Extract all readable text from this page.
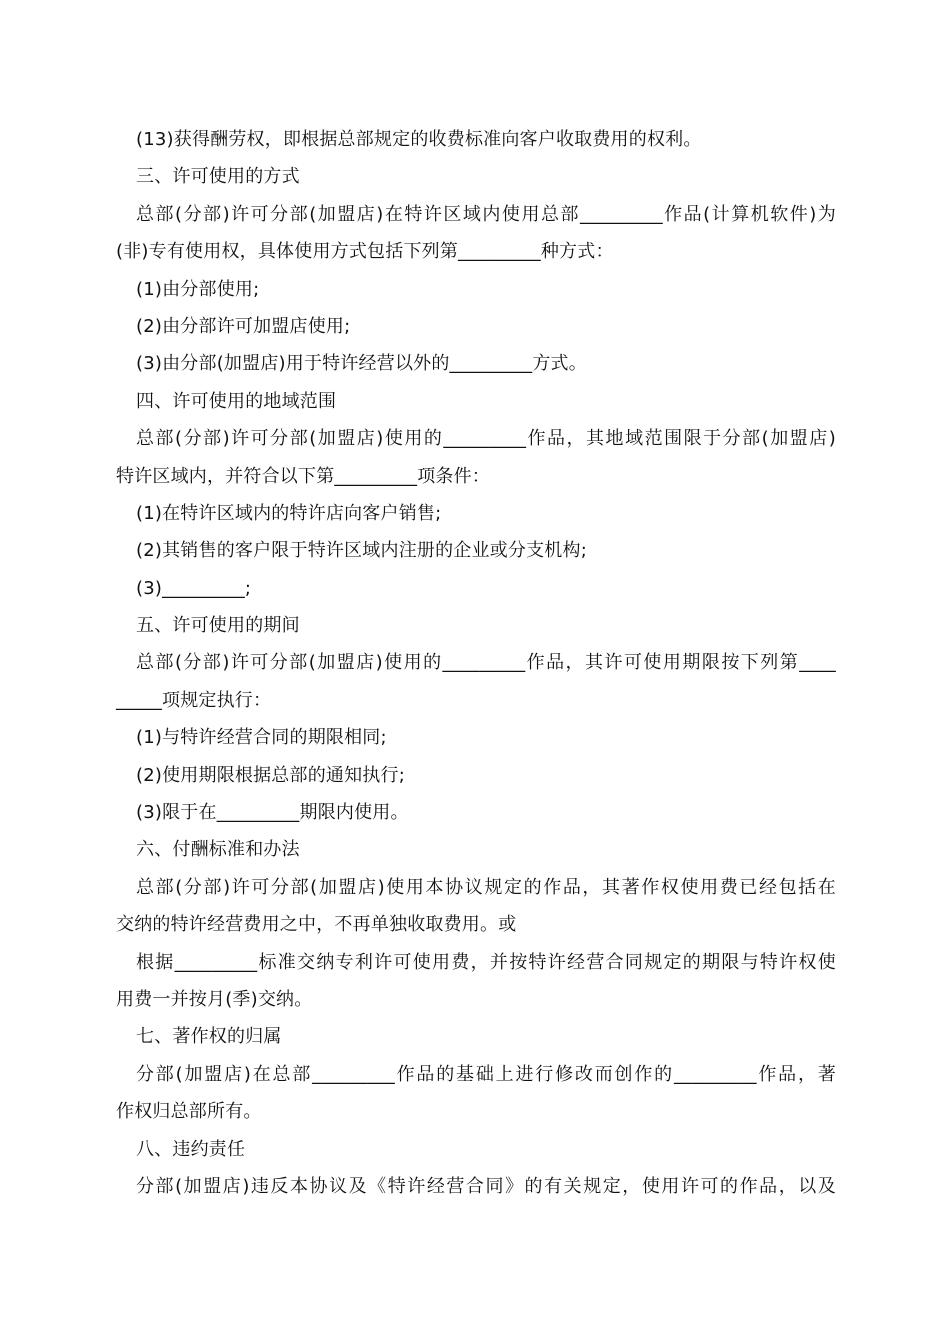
(13)获得酬劳权，即根据总部规定的收费标准向客户收取费用的权利。
三、许可使用的方式
总部(分部)许可分部(加盟店)在特许区域内使用总部_________作品(计算机软件)为
(非)专有使用权，具体使用方式包括下列第_________种方式：
(1)由分部使用;
(2)由分部许可加盟店使用;
(3)由分部(加盟店)用于特许经营以外的_________方式。
四、许可使用的地域范围
总部(分部)许可分部(加盟店)使用的_________作品，其地域范围限于分部(加盟店)
特许区域内，并符合以下第_________项条件：
(1)在特许区域内的特许店向客户销售;
(2)其销售的客户限于特许区域内注册的企业或分支机构;
(3)_________;
五、许可使用的期间
总部(分部)许可分部(加盟店)使用的_________作品，其许可使用期限按下列第____
_____项规定执行：
(1)与特许经营合同的期限相同;
(2)使用期限根据总部的通知执行;
(3)限于在_________期限内使用。
六、付酬标准和办法
总部(分部)许可分部(加盟店)使用本协议规定的作品，其著作权使用费已经包括在
交纳的特许经营费用之中，不再单独收取费用。或
根据_________标准交纳专利许可使用费，并按特许经营合同规定的期限与特许权使
用费一并按月(季)交纳。
七、著作权的归属
分部(加盟店)在总部_________作品的基础上进行修改而创作的_________作品，著
作权归总部所有。
八、违约责任
分部(加盟店)违反本协议及《特许经营合同》的有关规定，使用许可的作品，以及
